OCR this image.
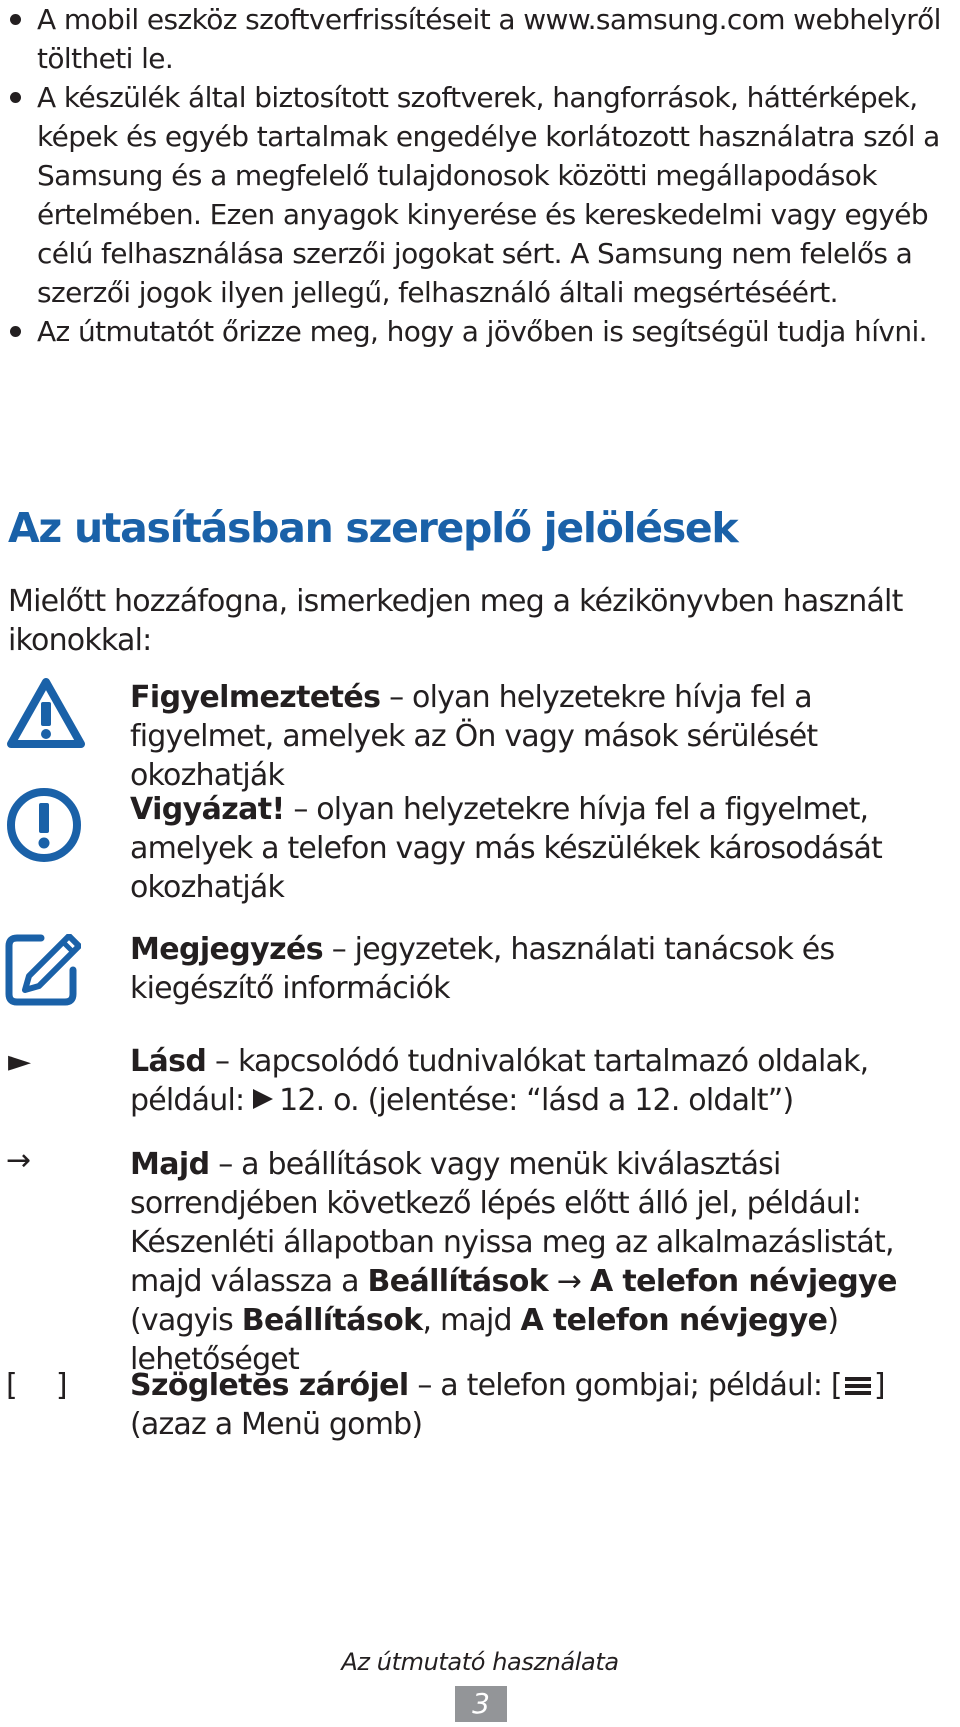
A mobil eszköz szoftverfrissítéseit a www.samsung.com webhelyről töltheti le.
A készülék által biztosított szoftverek, hangforrások, háttérképek, képek és egyéb tartalmak engedélye korlátozott használatra szól a Samsung és a megfelelő tulajdonosok közötti megállapodások értelmében. Ezen anyagok kinyerése és kereskedelmi vagy egyéb célú felhasználása szerzői jogokat sért. A Samsung nem felelős a szerzői jogok ilyen jellegű, felhasználó általi megsértéséért.
Az útmutatót őrizze meg, hogy a jövőben is segítségül tudja hívni.
Az utasításban szereplő jelölések

Mielőtt hozzáfogna, ismerkedjen meg a kézikönyvben használt ikonokkal:

Figyelmeztetés – olyan helyzetekre hívja fel a figyelmet, amelyek az Ön vagy mások sérülését okozhatják

Vigyázat! – olyan helyzetekre hívja fel a figyelmet, amelyek a telefon vagy más készülékek károsodását okozhatják

Megjegyzés – jegyzetek, használati tanácsok és kiegészítő információk

►	Lásd – kapcsolódó tudnivalókat tartalmazó oldalak, például: 12. o. (jelentése: “lásd a 12. oldalt”)

→	Majd – a beállítások vagy menük kiválasztási sorrendjében következő lépés előtt álló jel, például: Készenléti állapotban nyissa meg az alkalmazáslistát, majd válassza a Beállítások → A telefon névjegye (vagyis Beállítások, majd A telefon névjegye) lehetőséget

[    ] Szögletes zárójel – a telefon gombjai; például: [ ] (azaz a Menü gomb)

Az útmutató használata
3
